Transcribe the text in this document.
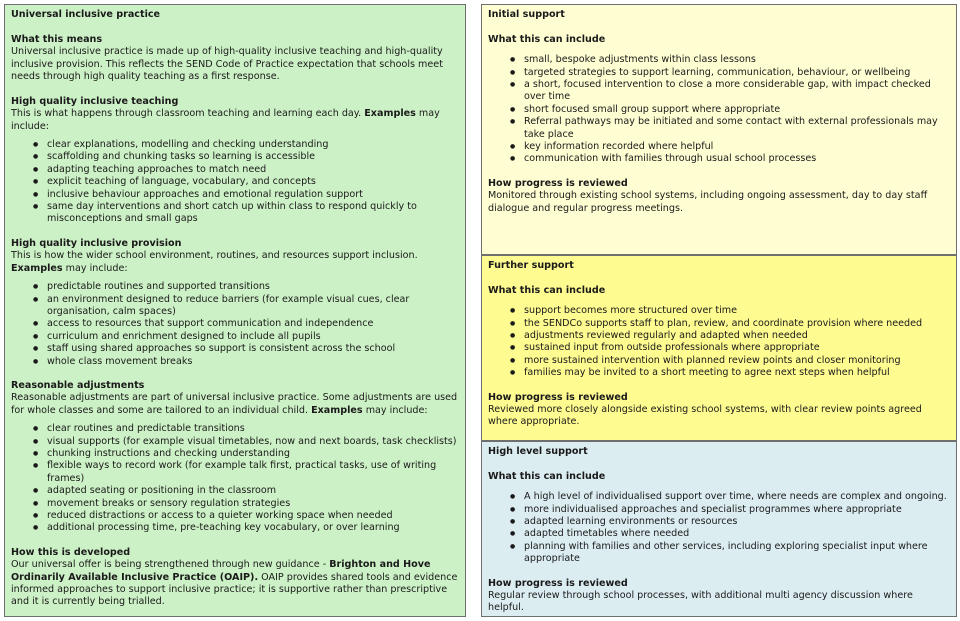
Universal inclusive practice
What this means

Universal inclusive practice is made up of high-quality inclusive teaching and high-quality inclusive provision. This reflects the SEND Code of Practice expectation that schools meet needs through high quality teaching as a first response.

High quality inclusive teaching

This is what happens through classroom teaching and learning each day. Examples may include:

● clear explanations, modelling and checking understanding
● scaffolding and chunking tasks so learning is accessible
● adapting teaching approaches to match need
● explicit teaching of language, vocabulary, and concepts
● inclusive behaviour approaches and emotional regulation support
● same day interventions and short catch up within class to respond quickly to misconceptions and small gaps
High quality inclusive provision

This is how the wider school environment, routines, and resources support inclusion. Examples may include:

● predictable routines and supported transitions
● an environment designed to reduce barriers (for example visual cues, clear organisation, calm spaces)
● access to resources that support communication and independence
● curriculum and enrichment designed to include all pupils
● staff using shared approaches so support is consistent across the school
● whole class movement breaks
Reasonable adjustments

Reasonable adjustments are part of universal inclusive practice. Some adjustments are used for whole classes and some are tailored to an individual child. Examples may include:

● clear routines and predictable transitions
● visual supports (for example visual timetables, now and next boards, task checklists)
● chunking instructions and checking understanding
● flexible ways to record work (for example talk first, practical tasks, use of writing frames)
● adapted seating or positioning in the classroom
● movement breaks or sensory regulation strategies
● reduced distractions or access to a quieter working space when needed
● additional processing time, pre-teaching key vocabulary, or over learning
How this is developed

Our universal offer is being strengthened through new guidance - Brighton and Hove Ordinarily Available Inclusive Practice (OAIP). OAIP provides shared tools and evidence informed approaches to support inclusive practice; it is supportive rather than prescriptive and it is currently being trialled.

Initial support
What this can include
● small, bespoke adjustments within class lessons
● targeted strategies to support learning, communication, behaviour, or wellbeing
● a short, focused intervention to close a more considerable gap, with impact checked over time
● short focused small group support where appropriate
● Referral pathways may be initiated and some contact with external professionals may take place
● key information recorded where helpful
● communication with families through usual school processes
How progress is reviewed

Monitored through existing school systems, including ongoing assessment, day to day staff dialogue and regular progress meetings.

Further support
What this can include
● support becomes more structured over time
● the SENDCo supports staff to plan, review, and coordinate provision where needed
● adjustments reviewed regularly and adapted when needed
● sustained input from outside professionals where appropriate
● more sustained intervention with planned review points and closer monitoring
● families may be invited to a short meeting to agree next steps when helpful
How progress is reviewed

Reviewed more closely alongside existing school systems, with clear review points agreed where appropriate.

High level support
What this can include
● A high level of individualised support over time, where needs are complex and ongoing.
● more individualised approaches and specialist programmes where appropriate
● adapted learning environments or resources
● adapted timetables where needed
● planning with families and other services, including exploring specialist input where appropriate
How progress is reviewed

Regular review through school processes, with additional multi agency discussion where helpful.
